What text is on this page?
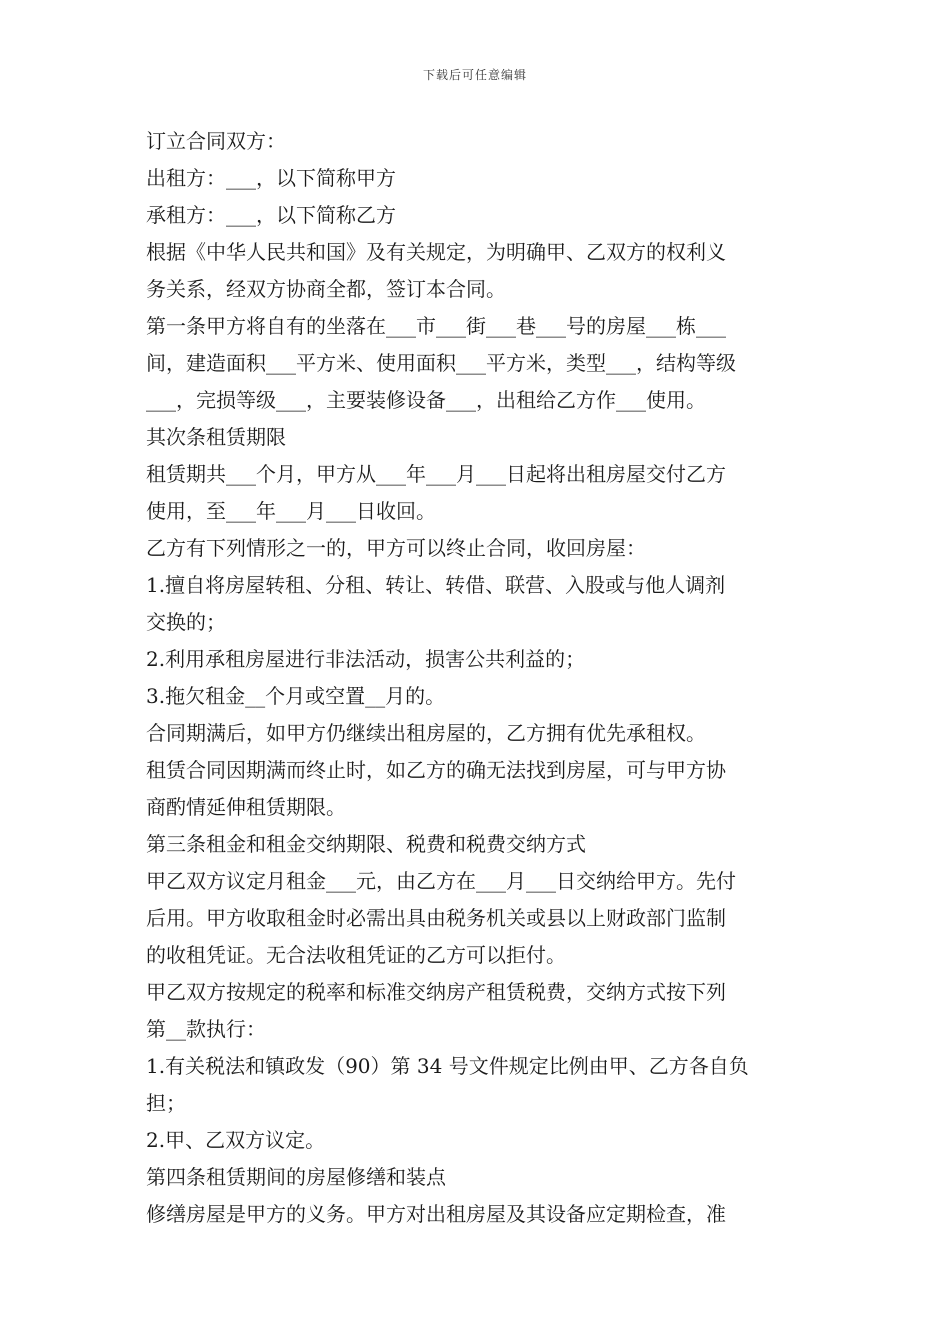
下载后可任意编辑
订立合同双方：
出租方：___，以下简称甲方
承租方：___，以下简称乙方
根据《中华人民共和国》及有关规定，为明确甲、乙双方的权利义
务关系，经双方协商全都，签订本合同。
第一条甲方将自有的坐落在___市___街___巷___号的房屋___栋___
间，建造面积___平方米、使用面积___平方米，类型___，结构等级
___，完损等级___，主要装修设备___，出租给乙方作___使用。
其次条租赁期限
租赁期共___个月，甲方从___年___月___日起将出租房屋交付乙方
使用，至___年___月___日收回。
乙方有下列情形之一的，甲方可以终止合同，收回房屋：
1.擅自将房屋转租、分租、转让、转借、联营、入股或与他人调剂
交换的；
2.利用承租房屋进行非法活动，损害公共利益的；
3.拖欠租金__个月或空置__月的。
合同期满后，如甲方仍继续出租房屋的，乙方拥有优先承租权。
租赁合同因期满而终止时，如乙方的确无法找到房屋，可与甲方协
商酌情延伸租赁期限。
第三条租金和租金交纳期限、税费和税费交纳方式
甲乙双方议定月租金___元，由乙方在___月___日交纳给甲方。先付
后用。甲方收取租金时必需出具由税务机关或县以上财政部门监制
的收租凭证。无合法收租凭证的乙方可以拒付。
甲乙双方按规定的税率和标准交纳房产租赁税费，交纳方式按下列
第__款执行：
1.有关税法和镇政发（90）第 34 号文件规定比例由甲、乙方各自负
担；
2.甲、乙双方议定。
第四条租赁期间的房屋修缮和装点
修缮房屋是甲方的义务。甲方对出租房屋及其设备应定期检查，准
